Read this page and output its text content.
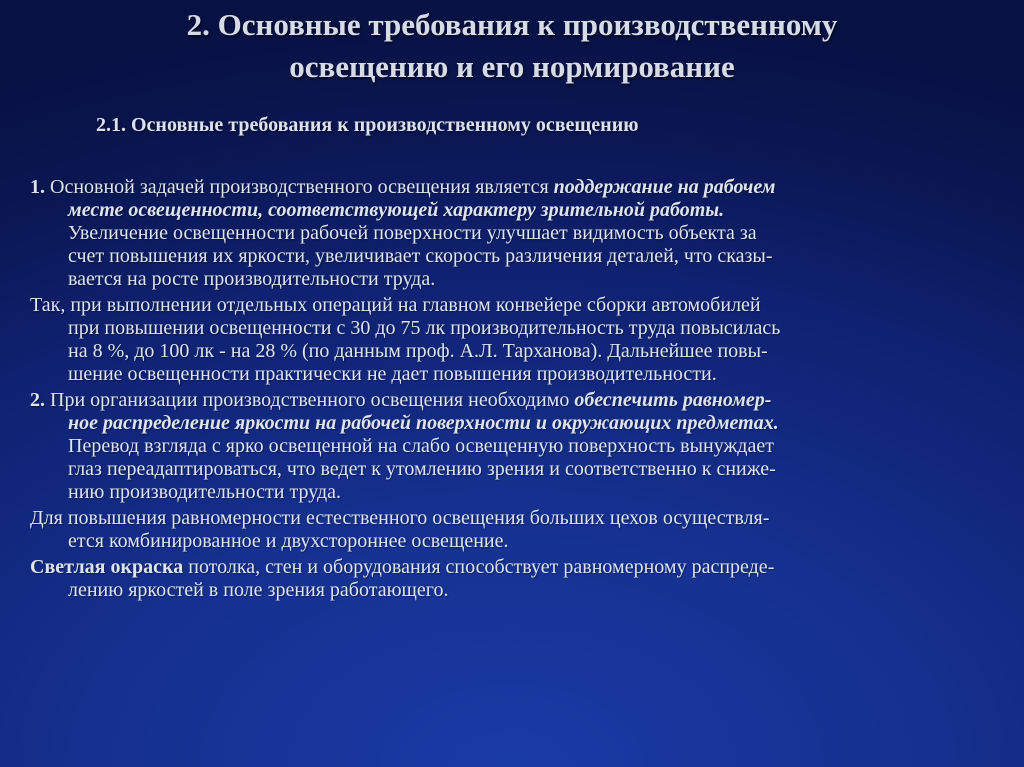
2. Основные требования к производственному
освещению и его нормирование
2.1. Основные требования к производственному освещению
1. Основной задачей производственного освещения является поддержание на рабочем
месте освещенности, соответствующей характеру зрительной работы.
Увеличение освещенности рабочей поверхности улучшает видимость объекта за
счет повышения их яркости, увеличивает скорость различения деталей, что сказы-
вается на росте производительности труда.
Так, при выполнении отдельных операций на главном конвейере сборки автомобилей
при повышении освещенности с 30 до 75 лк производительность труда повысилась
на 8 %, до 100 лк - на 28 % (по данным проф. А.Л. Тарханова). Дальнейшее повы-
шение освещенности практически не дает повышения производительности.
2. При организации производственного освещения необходимо обеспечить равномер-
ное распределение яркости на рабочей поверхности и окружающих предметах.
Перевод взгляда с ярко освещенной на слабо освещенную поверхность вынуждает
глаз переадаптироваться, что ведет к утомлению зрения и соответственно к сниже-
нию производительности труда.
Для повышения равномерности естественного освещения больших цехов осуществля-
ется комбинированное и двухстороннее освещение.
Светлая окраска потолка, стен и оборудования способствует равномерному распреде-
лению яркостей в поле зрения работающего.
